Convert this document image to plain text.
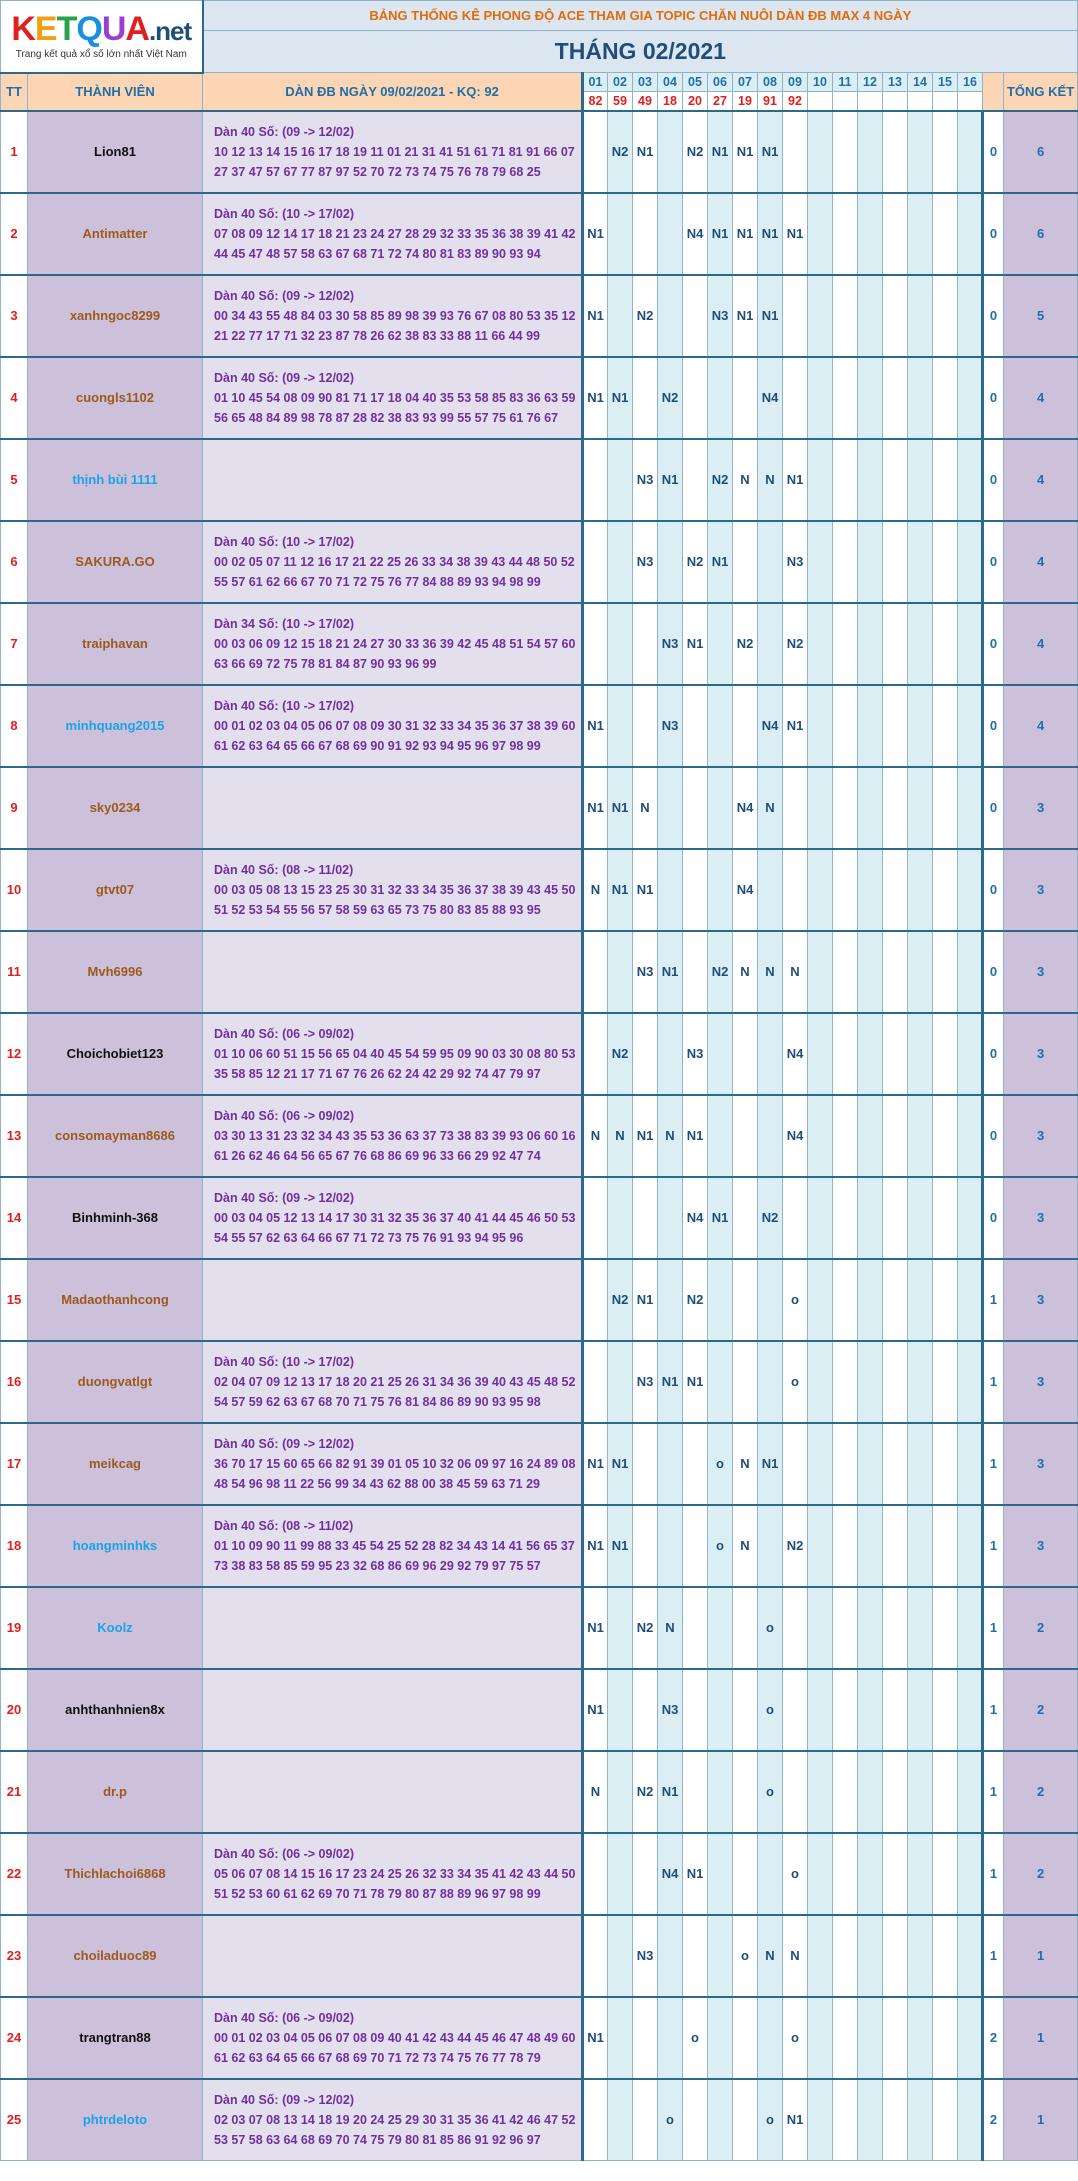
KETQUA.net
Trang kết quả xổ số lớn nhất Việt Nam		BẢNG THỐNG KÊ PHONG ĐỘ ACE THAM GIA TOPIC CHĂN NUÔI DÀN ĐB MAX 4 NGÀY																		
		THÁNG 02/2021																		
TT	THÀNH VIÊN	DÀN ĐB NGÀY 09/02/2021 - KQ: 92	01	02	03	04	05	06	07	08	09	10	11	12	13	14	15	16		TỔNG KẾT
			82	59	49	18	20	27	19	91	92									
1	Lion81	Dàn 40 Số: (09 -> 12/02)
10 12 13 14 15 16 17 18 19 11 01 21 31 41 51 61 71 81 91 66 07
27 37 47 57 67 77 87 97 52 70 72 73 74 75 76 78 79 68 25		N2	N1		N2	N1	N1	N1									0	6
2	Antimatter	Dàn 40 Số: (10 -> 17/02)
07 08 09 12 14 17 18 21 23 24 27 28 29 32 33 35 36 38 39 41 42
44 45 47 48 57 58 63 67 68 71 72 74 80 81 83 89 90 93 94	N1				N4	N1	N1	N1	N1								0	6
3	xanhngoc8299	Dàn 40 Số: (09 -> 12/02)
00 34 43 55 48 84 03 30 58 85 89 98 39 93 76 67 08 80 53 35 12
21 22 77 17 71 32 23 87 78 26 62 38 83 33 88 11 66 44 99	N1		N2			N3	N1	N1									0	5
4	cuongls1102	Dàn 40 Số: (09 -> 12/02)
01 10 45 54 08 09 90 81 71 17 18 04 40 35 53 58 85 83 36 63 59
56 65 48 84 89 98 78 87 28 82 38 83 93 99 55 57 75 61 76 67	N1	N1		N2				N4									0	4
5	thịnh bùi 1111				N3	N1		N2	N	N	N1								0	4
6	SAKURA.GO	Dàn 40 Số: (10 -> 17/02)
00 02 05 07 11 12 16 17 21 22 25 26 33 34 38 39 43 44 48 50 52
55 57 61 62 66 67 70 71 72 75 76 77 84 88 89 93 94 98 99			N3		N2	N1			N3								0	4
7	traiphavan	Dàn 34 Số: (10 -> 17/02)
00 03 06 09 12 15 18 21 24 27 30 33 36 39 42 45 48 51 54 57 60
63 66 69 72 75 78 81 84 87 90 93 96 99				N3	N1		N2		N2								0	4
8	minhquang2015	Dàn 40 Số: (10 -> 17/02)
00 01 02 03 04 05 06 07 08 09 30 31 32 33 34 35 36 37 38 39 60
61 62 63 64 65 66 67 68 69 90 91 92 93 94 95 96 97 98 99	N1			N3				N4	N1								0	4
9	sky0234		N1	N1	N				N4	N									0	3
10	gtvt07	Dàn 40 Số: (08 -> 11/02)
00 03 05 08 13 15 23 25 30 31 32 33 34 35 36 37 38 39 43 45 50
51 52 53 54 55 56 57 58 59 63 65 73 75 80 83 85 88 93 95	N	N1	N1				N4										0	3
11	Mvh6996				N3	N1		N2	N	N	N								0	3
12	Choichobiet123	Dàn 40 Số: (06 -> 09/02)
01 10 06 60 51 15 56 65 04 40 45 54 59 95 09 90 03 30 08 80 53
35 58 85 12 21 17 71 67 76 26 62 24 42 29 92 74 47 79 97		N2			N3				N4								0	3
13	consomayman8686	Dàn 40 Số: (06 -> 09/02)
03 30 13 31 23 32 34 43 35 53 36 63 37 73 38 83 39 93 06 60 16
61 26 62 46 64 56 65 67 76 68 86 69 96 33 66 29 92 47 74	N	N	N1	N	N1				N4								0	3
14	Binhminh-368	Dàn 40 Số: (09 -> 12/02)
00 03 04 05 12 13 14 17 30 31 32 35 36 37 40 41 44 45 46 50 53
54 55 57 62 63 64 66 67 71 72 73 75 76 91 93 94 95 96					N4	N1		N2									0	3
15	Madaothanhcong			N2	N1		N2				o								1	3
16	duongvatlgt	Dàn 40 Số: (10 -> 17/02)
02 04 07 09 12 13 17 18 20 21 25 26 31 34 36 39 40 43 45 48 52
54 57 59 62 63 67 68 70 71 75 76 81 84 86 89 90 93 95 98			N3	N1	N1				o								1	3
17	meikcag	Dàn 40 Số: (09 -> 12/02)
36 70 17 15 60 65 66 82 91 39 01 05 10 32 06 09 97 16 24 89 08
48 54 96 98 11 22 56 99 34 43 62 88 00 38 45 59 63 71 29	N1	N1				o	N	N1									1	3
18	hoangminhks	Dàn 40 Số: (08 -> 11/02)
01 10 09 90 11 99 88 33 45 54 25 52 28 82 34 43 14 41 56 65 37
73 38 83 58 85 59 95 23 32 68 86 69 96 29 92 79 97 75 57	N1	N1				o	N		N2								1	3
19	Koolz		N1		N2	N				o									1	2
20	anhthanhnien8x		N1			N3				o									1	2
21	dr.p		N		N2	N1				o									1	2
22	Thichlachoi6868	Dàn 40 Số: (06 -> 09/02)
05 06 07 08 14 15 16 17 23 24 25 26 32 33 34 35 41 42 43 44 50
51 52 53 60 61 62 69 70 71 78 79 80 87 88 89 96 97 98 99				N4	N1				o								1	2
23	choiladuoc89				N3				o	N	N								1	1
24	trangtran88	Dàn 40 Số: (06 -> 09/02)
00 01 02 03 04 05 06 07 08 09 40 41 42 43 44 45 46 47 48 49 60
61 62 63 64 65 66 67 68 69 70 71 72 73 74 75 76 77 78 79	N1				o				o								2	1
25	phtrdeloto	Dàn 40 Số: (09 -> 12/02)
02 03 07 08 13 14 18 19 20 24 25 29 30 31 35 36 41 42 46 47 52
53 57 58 63 64 68 69 70 74 75 79 80 81 85 86 91 92 96 97				o				o	N1								2	1
